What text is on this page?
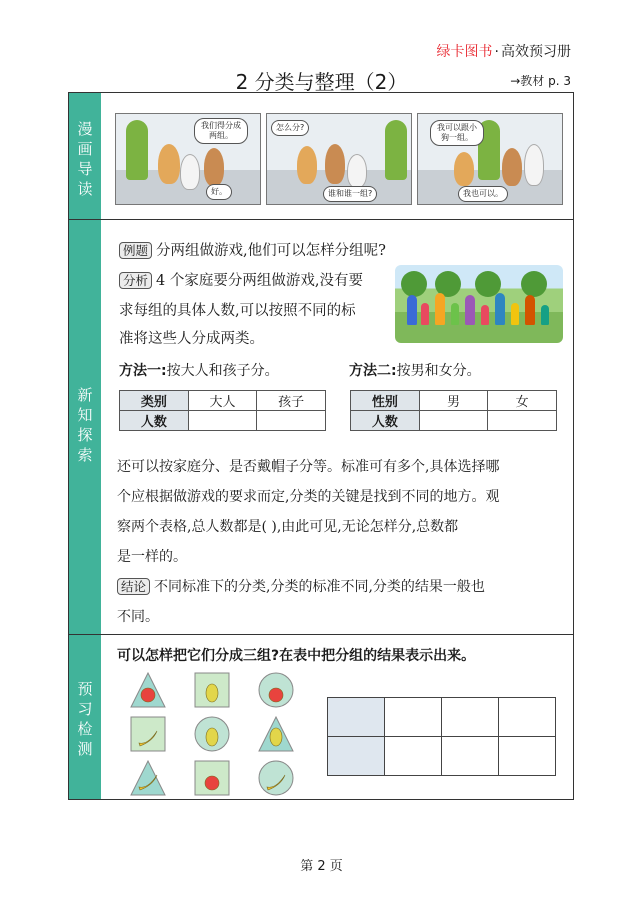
绿卡图书 · 高效预习册
2 分类与整理（2）	→教材 p. 3
漫
画
导
读
新
知
探
索
预
习
检
测
我们得分成两组。
好。
怎么分?
谁和谁一组?
我可以跟小狗一组。
我也可以。
例题 分两组做游戏,他们可以怎样分组呢?
分析 4 个家庭要分两组做游戏,没有要
求每组的具体人数,可以按照不同的标
准将这些人分成两类。
方法一:按大人和孩子分。	方法二:按男和女分。
类别	大人	孩子
人数		
性别	男	女
人数		
还可以按家庭分、是否戴帽子分等。标准可有多个,具体选择哪
个应根据做游戏的要求而定,分类的关键是找到不同的地方。观
察两个表格,总人数都是( ),由此可见,无论怎样分,总数都
是一样的。
结论 不同标准下的分类,分类的标准不同,分类的结果一般也
不同。
可以怎样把它们分成三组?在表中把分组的结果表示出来。

第 2 页
